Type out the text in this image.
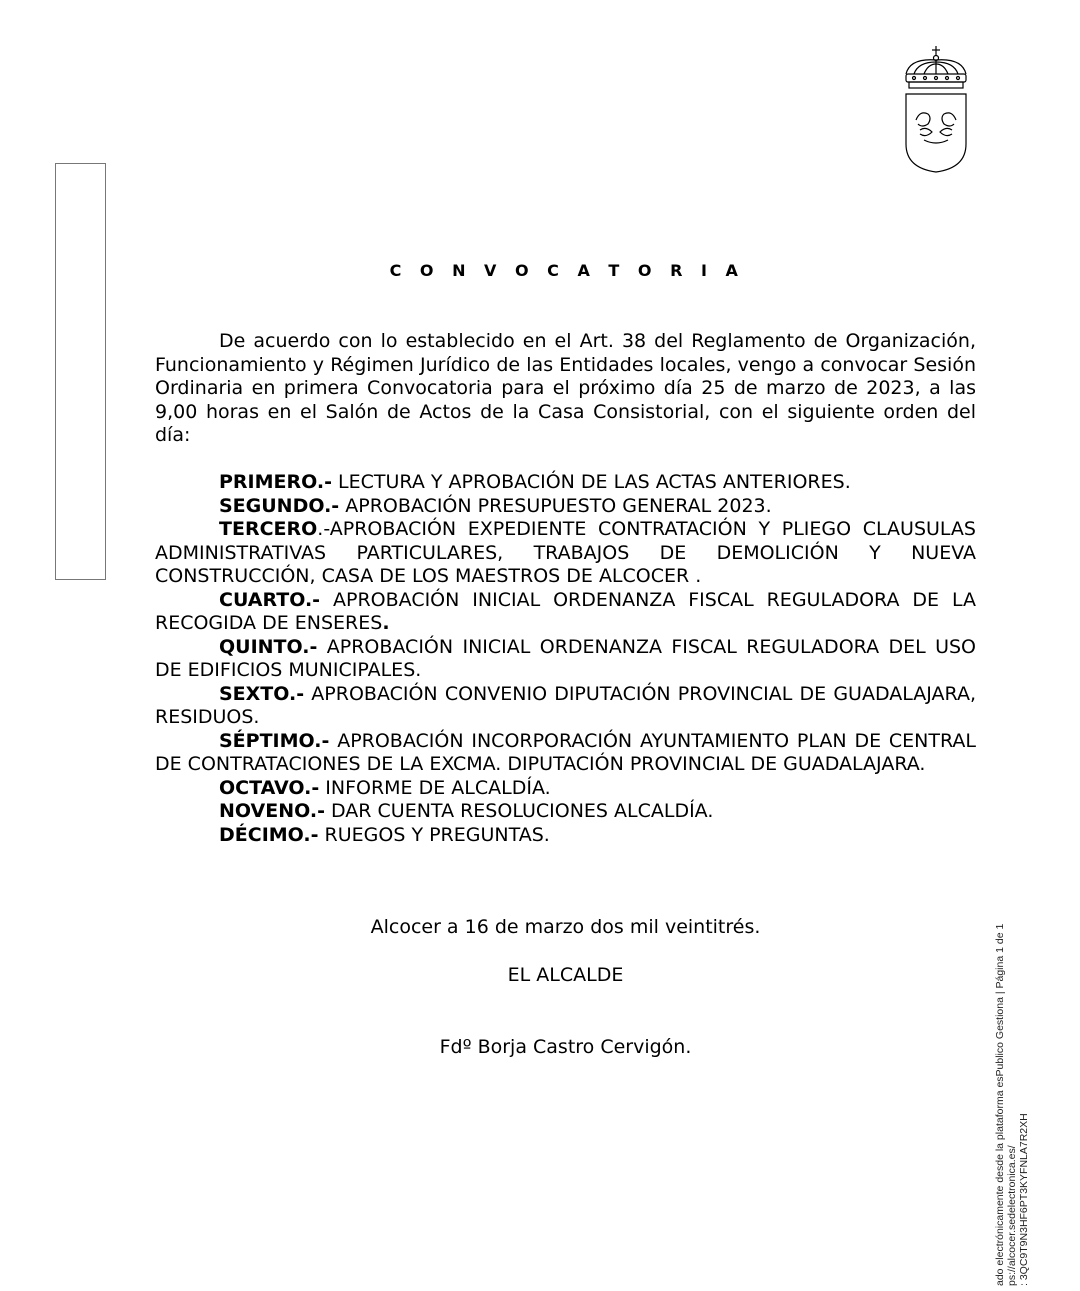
C O N V O C A T O R I A

De acuerdo con lo establecido en el Art. 38 del Reglamento de Organización, Funcionamiento y Régimen Jurídico de las Entidades locales, vengo a convocar Sesión Ordinaria en primera Convocatoria para el próximo día 25 de marzo de 2023, a las 9,00 horas en el Salón de Actos de la Casa Consistorial, con el siguiente orden del día:

PRIMERO.- LECTURA Y APROBACIÓN DE LAS ACTAS ANTERIORES.

SEGUNDO.- APROBACIÓN PRESUPUESTO GENERAL 2023.

TERCERO.-APROBACIÓN EXPEDIENTE CONTRATACIÓN Y PLIEGO CLAUSULAS ADMINISTRATIVAS PARTICULARES, TRABAJOS DE DEMOLICIÓN Y NUEVA CONSTRUCCIÓN, CASA DE LOS MAESTROS DE ALCOCER .

CUARTO.- APROBACIÓN INICIAL ORDENANZA FISCAL REGULADORA DE LA RECOGIDA DE ENSERES.

QUINTO.- APROBACIÓN INICIAL ORDENANZA FISCAL REGULADORA DEL USO DE EDIFICIOS MUNICIPALES.

SEXTO.- APROBACIÓN CONVENIO DIPUTACIÓN PROVINCIAL DE GUADALAJARA, RESIDUOS.

SÉPTIMO.- APROBACIÓN INCORPORACIÓN AYUNTAMIENTO PLAN DE CENTRAL DE CONTRATACIONES DE LA EXCMA. DIPUTACIÓN PROVINCIAL DE GUADALAJARA.

OCTAVO.- INFORME DE ALCALDÍA.

NOVENO.- DAR CUENTA RESOLUCIONES ALCALDÍA.

DÉCIMO.- RUEGOS Y PREGUNTAS.

Alcocer a 16 de marzo dos mil veintitrés.
EL ALCALDE
Fdº Borja Castro Cervigón.	ado electrónicamente desde la plataforma esPublico Gestiona | Página 1 de 1 ps://alcocer.sedelectronica.es/ : 3QC9T9N3HF6PT3KYFNLA7R2XH
